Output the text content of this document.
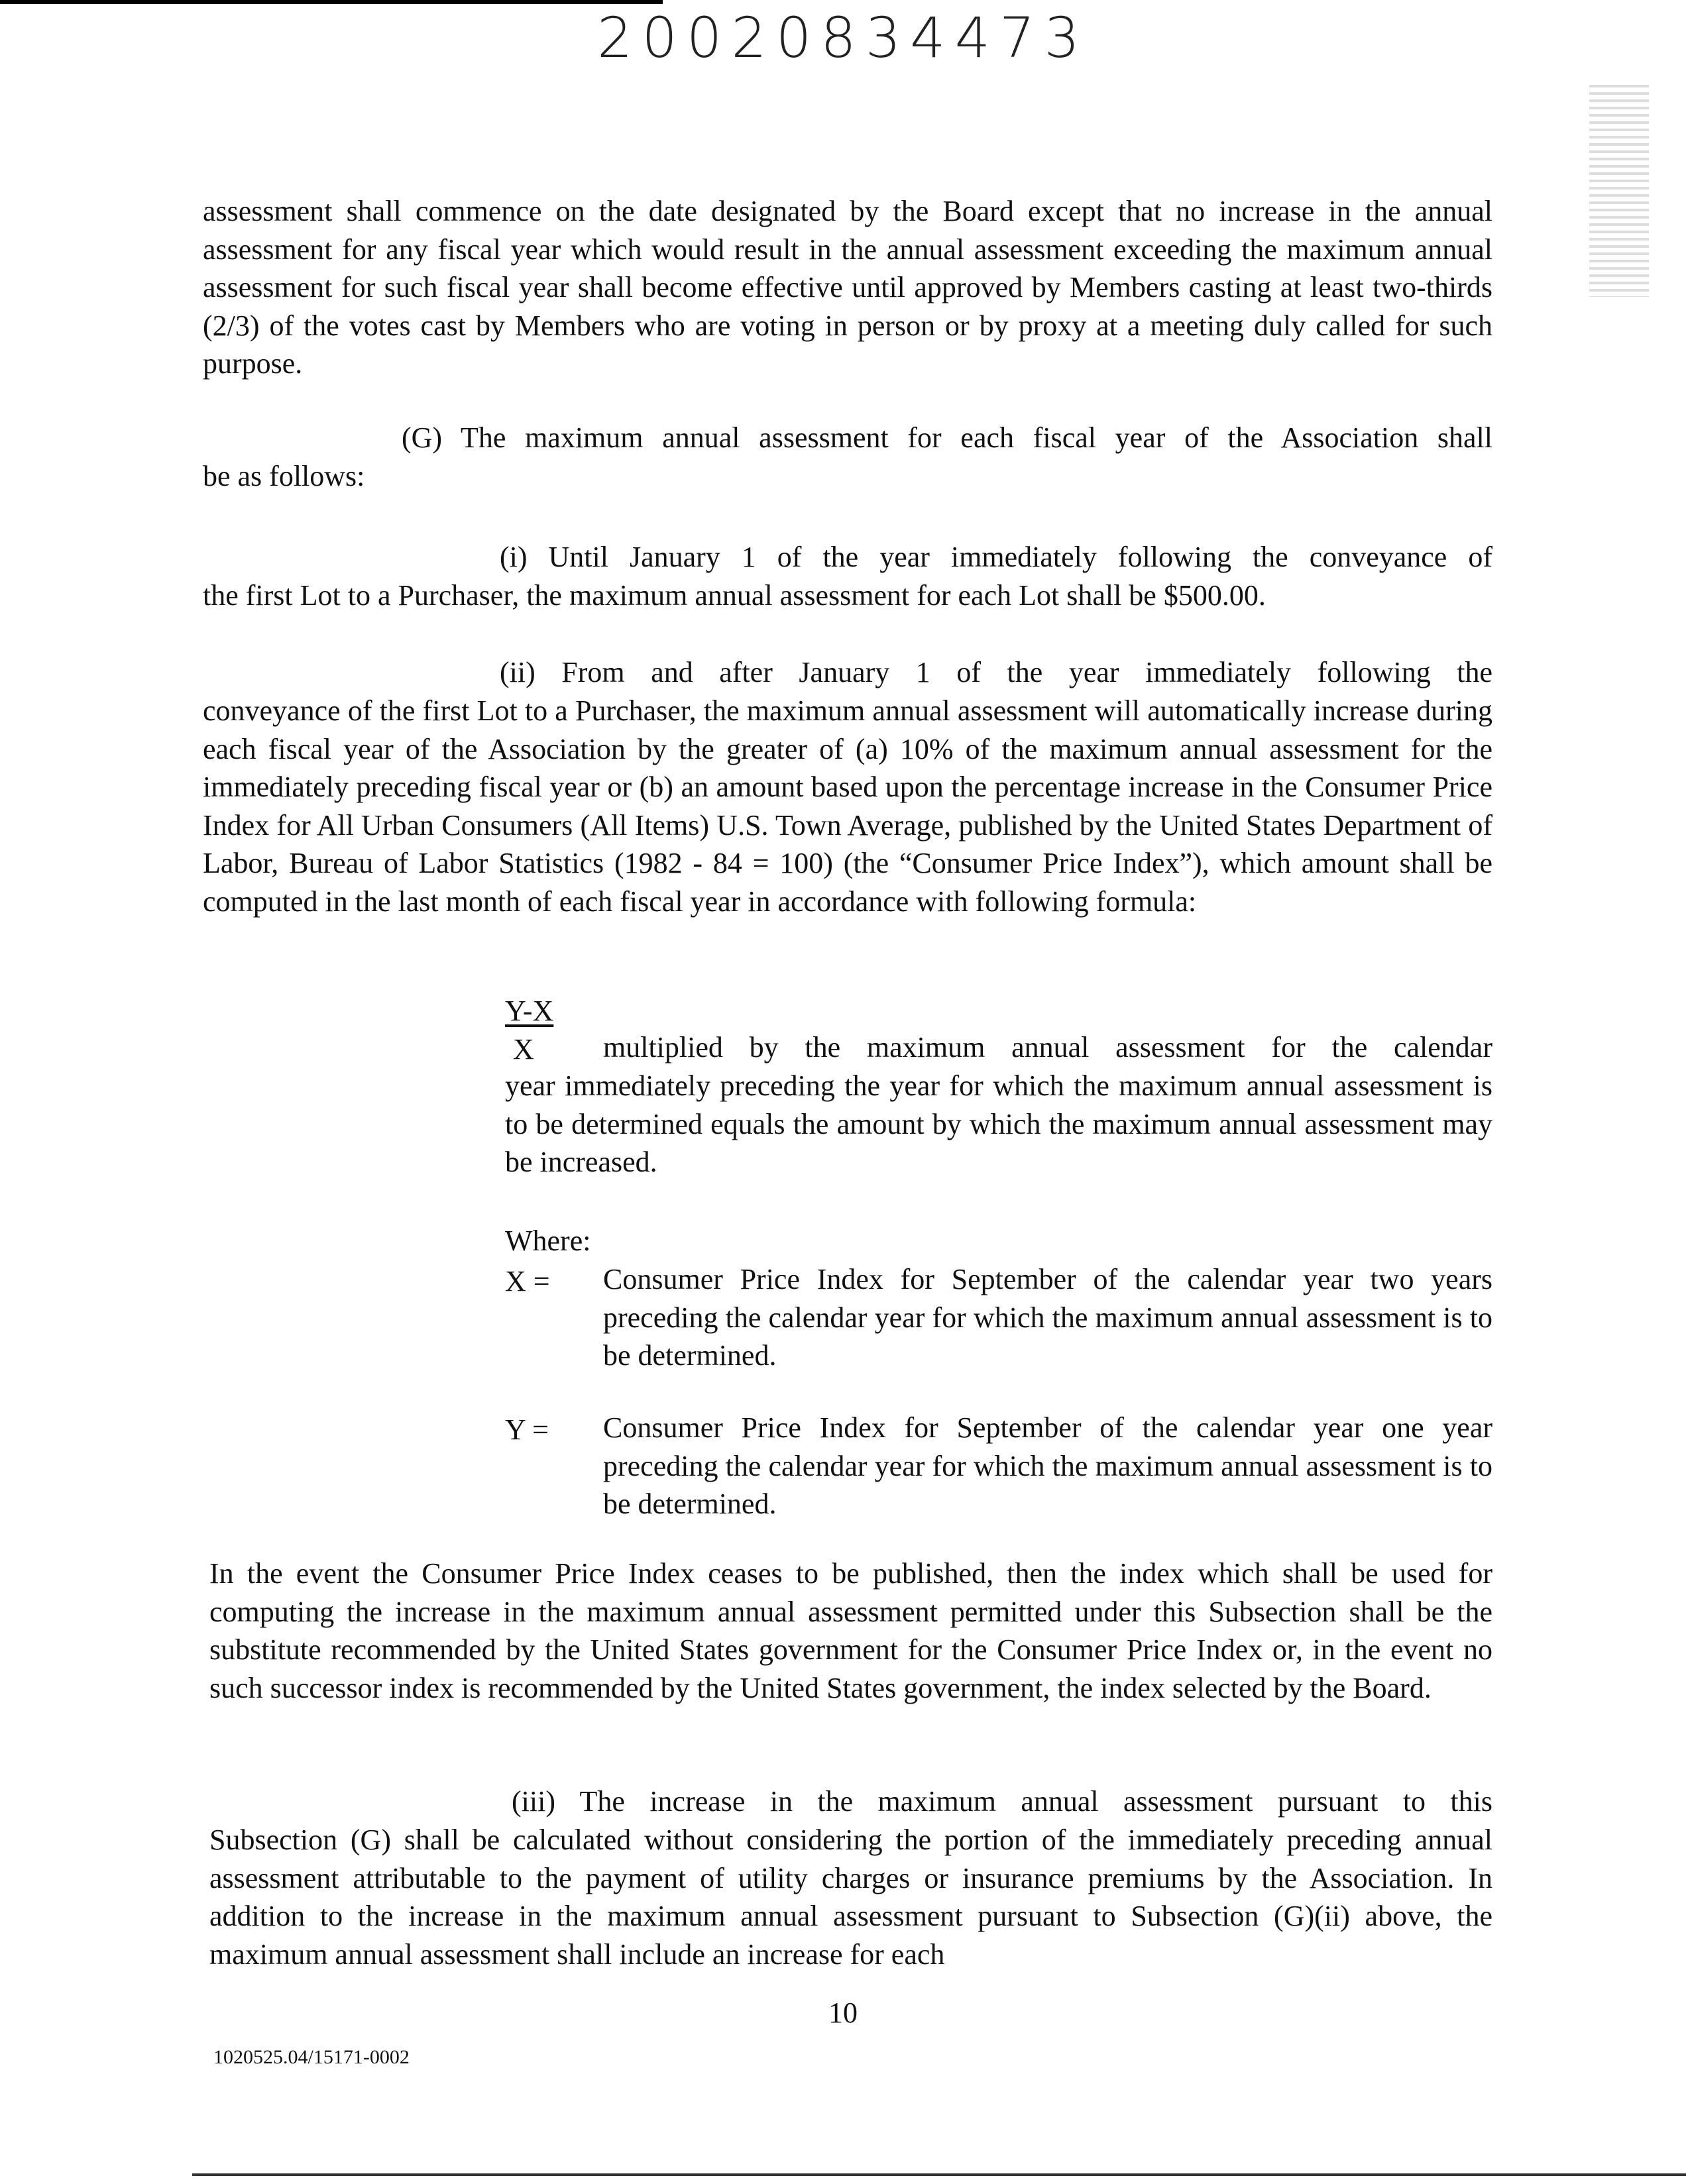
20020834473

assessment shall commence on the date designated by the Board except that no increase in the annual assessment for any fiscal year which would result in the annual assessment exceeding the maximum annual assessment for such fiscal year shall become effective until approved by Members casting at least two-thirds (2/3) of the votes cast by Members who are voting in person or by proxy at a meeting duly called for such purpose.

(G) The maximum annual assessment for each fiscal year of the Association shall

be as follows:

(i) Until January 1 of the year immediately following the conveyance of

the first Lot to a Purchaser, the maximum annual assessment for each Lot shall be $500.00.

(ii) From and after January 1 of the year immediately following the

conveyance of the first Lot to a Purchaser, the maximum annual assessment will automatically increase during each fiscal year of the Association by the greater of (a) 10% of the maximum annual assessment for the immediately preceding fiscal year or (b) an amount based upon the percentage increase in the Consumer Price Index for All Urban Consumers (All Items) U.S. Town Average, published by the United States Department of Labor, Bureau of Labor Statistics (1982 - 84 = 100) (the “Consumer Price Index”), which amount shall be computed in the last month of each fiscal year in accordance with following formula:

Y-X

X multiplied by the maximum annual assessment for the calendar

year immediately preceding the year for which the maximum annual assessment is to be determined equals the amount by which the maximum annual assessment may be increased.

Where:

X = Consumer Price Index for September of the calendar year two years preceding the calendar year for which the maximum annual assessment is to be determined.

Y = Consumer Price Index for September of the calendar year one year preceding the calendar year for which the maximum annual assessment is to be determined.

In the event the Consumer Price Index ceases to be published, then the index which shall be used for computing the increase in the maximum annual assessment permitted under this Subsection shall be the substitute recommended by the United States government for the Consumer Price Index or, in the event no such successor index is recommended by the United States government, the index selected by the Board.

(iii) The increase in the maximum annual assessment pursuant to this

Subsection (G) shall be calculated without considering the portion of the immediately preceding annual assessment attributable to the payment of utility charges or insurance premiums by the Association. In addition to the increase in the maximum annual assessment pursuant to Subsection (G)(ii) above, the maximum annual assessment shall include an increase for each

10
1020525.04/15171-0002
